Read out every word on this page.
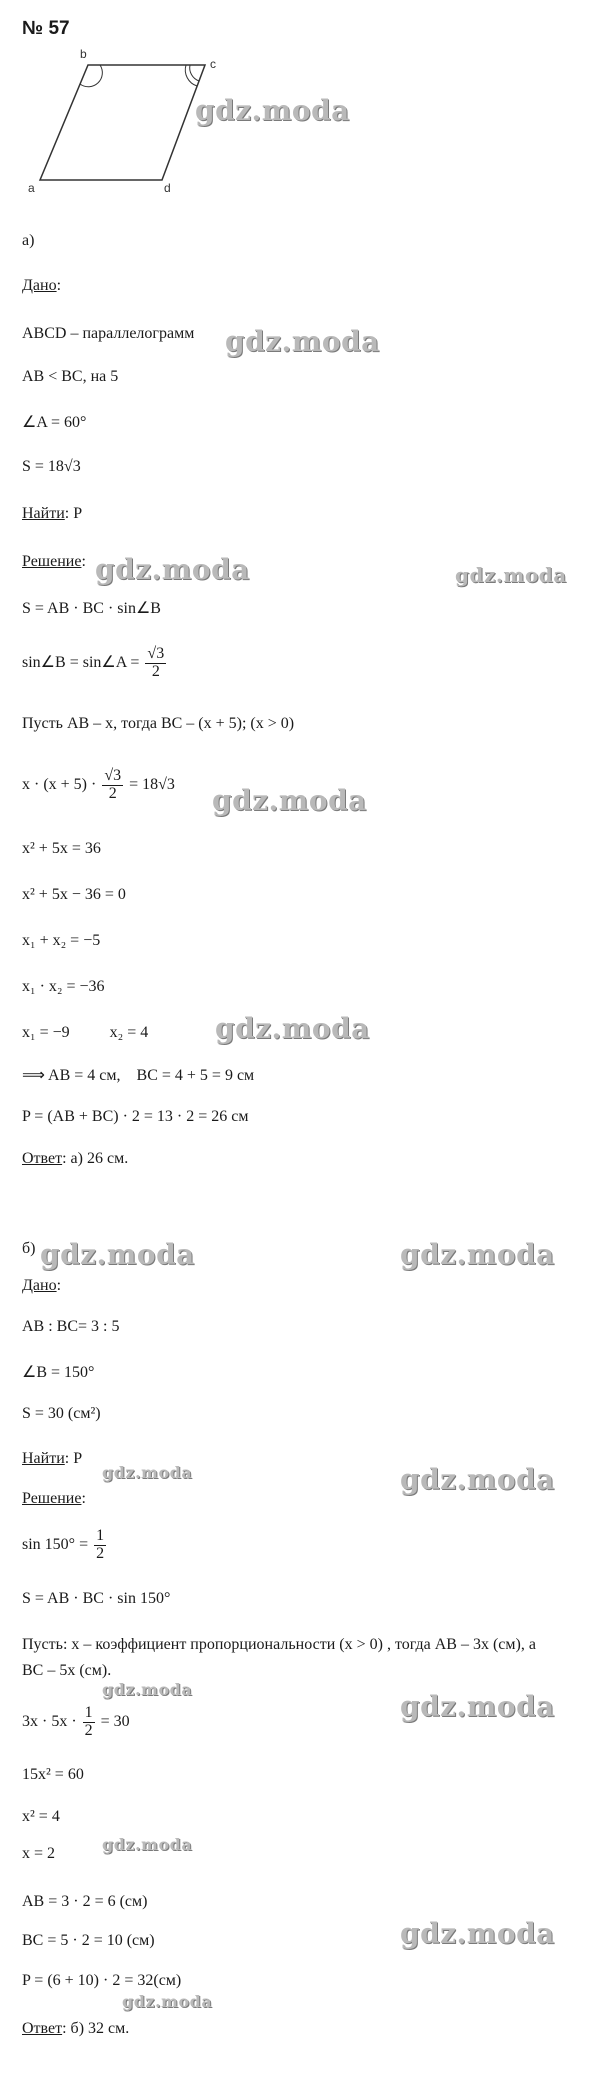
№ 57
a
b
c
d
gdz.moda
gdz.moda
gdz.moda	gdz.moda
gdz.moda
gdz.moda
gdz.moda	gdz.moda
gdz.moda	gdz.moda
gdz.moda
gdz.moda
gdz.moda
gdz.moda
gdz.moda
а)
Дано:
ABCD – параллелограмм
AB < BC, на 5
∠A = 60°
S = 18√3
Найти: P
Решение:
S = AB · BC · sin∠B
sin∠B = sin∠A = $\frac{√3}{2}$
Пусть AB – x, тогда BC – (x + 5); (x > 0)
$x \cdot (x + 5) \cdot \frac{√3}{2} = 18√3$
x² + 5x = 36
x² + 5x − 36 = 0
x₁ + x₂ = −5
x₁ · x₂ = −36
x₁ = −9          x₂ = 4
⟹ AB = 4 см,    BC = 4 + 5 = 9 см
P = (AB + BC) · 2 = 13 · 2 = 26 см
Ответ: а) 26 см.
б)
Дано:
AB : BC= 3 : 5
∠B = 150°
S = 30 (см²)
Найти: P
Решение:
$\sin 150^\circ = \frac{1}{2}$
S = AB · BC · sin 150°
Пусть: x – коэффициент пропорциональности (x > 0) , тогда AB – 3x (см), а
BC – 5x (см).
$3x \cdot 5x \cdot \frac{1}{2} = 30$
15x² = 60
x² = 4
x = 2
AB = 3 · 2 = 6 (см)
BC = 5 · 2 = 10 (см)
P = (6 + 10) · 2 = 32(см)
Ответ: б) 32 см.
